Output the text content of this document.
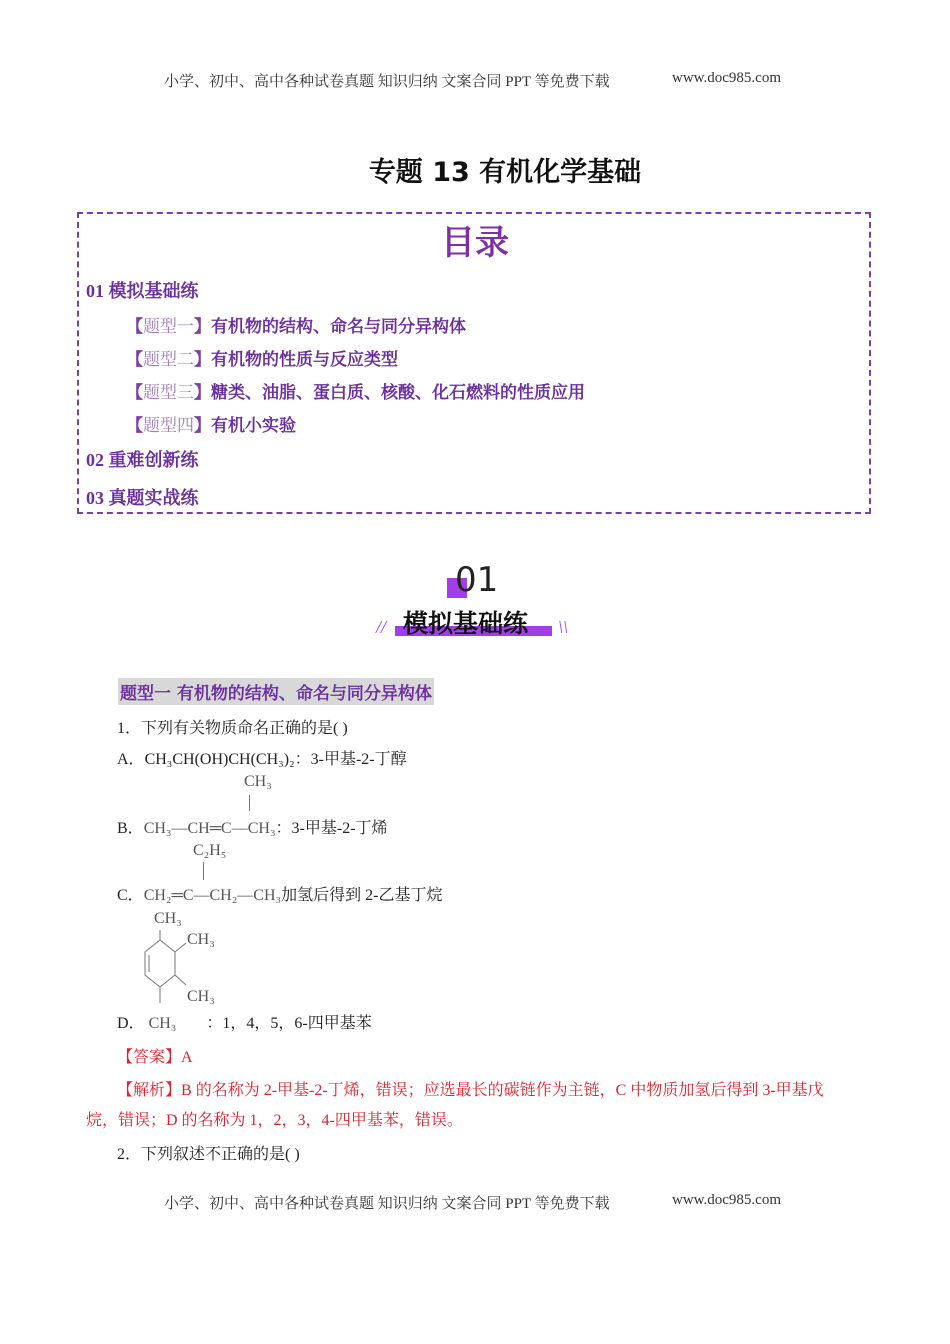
小学、初中、高中各种试卷真题 知识归纳 文案合同 PPT 等免费下载	www.doc985.com
专题 13 有机化学基础
目录
01 模拟基础练
【题型一】有机物的结构、命名与同分异构体
【题型二】有机物的性质与反应类型
【题型三】糖类、油脂、蛋白质、核酸、化石燃料的性质应用
【题型四】有机小实验
02 重难创新练
03 真题实战练
01
模拟基础练
//	\\
题型一 有机物的结构、命名与同分异构体
1．下列有关物质命名正确的是( )
A．CH₃CH(OH)CH(CH₃)₂：3-甲基-2-丁醇
CH₃
B．CH₃—CH═C—CH₃：3-甲基-2-丁烯
C₂H₅
C．CH₂═C—CH₂—CH₃加氢后得到 2-乙基丁烷
CH₃
CH₃
CH₃
D． CH₃ ：1，4，5，6-四甲基苯
【答案】A
【解析】B 的名称为 2-甲基-2-丁烯，错误；应选最长的碳链作为主链，C 中物质加氢后得到 3-甲基戊
烷，错误；D 的名称为 1，2，3，4-四甲基苯，错误。
2．下列叙述不正确的是( )
小学、初中、高中各种试卷真题 知识归纳 文案合同 PPT 等免费下载	www.doc985.com
